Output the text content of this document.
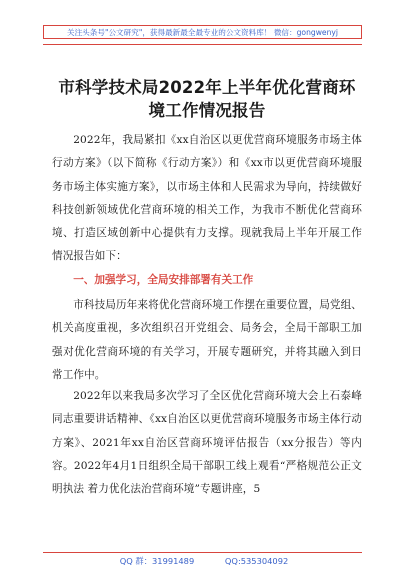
关注头条号"公文研究"，获得最新最全最专业的公文资料库！ 微信：gongwenyj
市科学技术局2022年上半年优化营商环境工作情况报告
2022年，我局紧扣《xx自治区以更优营商环境服务市场主体行动方案》（以下简称《行动方案》）和《xx市以更优营商环境服务市场主体实施方案》，以市场主体和人民需求为导向，持续做好科技创新领域优化营商环境的相关工作，为我市不断优化营商环境、打造区域创新中心提供有力支撑。现就我局上半年开展工作情况报告如下：
一、加强学习，全局安排部署有关工作
市科技局历年来将优化营商环境工作摆在重要位置，局党组、机关高度重视，多次组织召开党组会、局务会，全局干部职工加强对优化营商环境的有关学习，开展专题研究，并将其融入到日常工作中。
2022年以来我局多次学习了全区优化营商环境大会上石泰峰同志重要讲话精神、《xx自治区以更优营商环境服务市场主体行动方案》、2021年xx自治区营商环境评估报告（xx分报告）等内容。2022年4月1日组织全局干部职工线上观看“严格规范公正文明执法 着力优化法治营商环境”专题讲座，5
QQ 群：31991489	QQ:535304092
